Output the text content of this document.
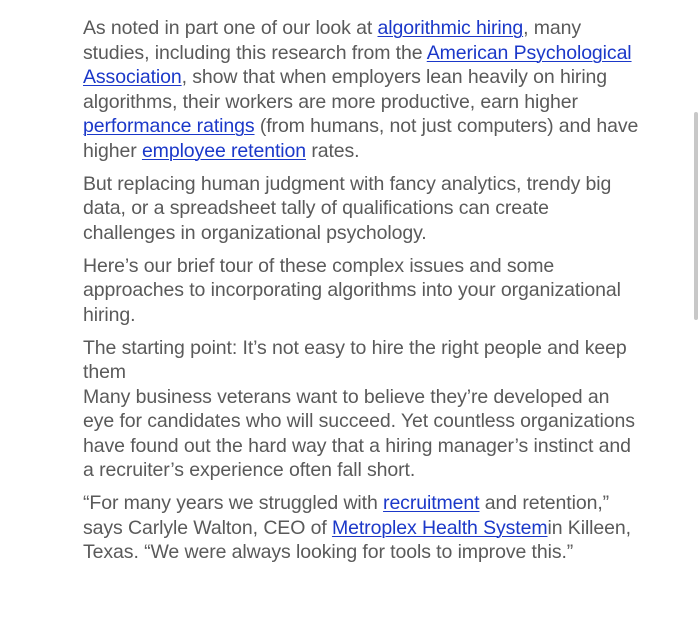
As noted in part one of our look at algorithmic hiring, many studies, including this research from the American Psychological Association, show that when employers lean heavily on hiring algorithms, their workers are more productive, earn higher performance ratings (from humans, not just computers) and have higher employee retention rates.

But replacing human judgment with fancy analytics, trendy big data, or a spreadsheet tally of qualifications can create challenges in organizational psychology.

Here’s our brief tour of these complex issues and some approaches to incorporating algorithms into your organizational hiring.

The starting point: It’s not easy to hire the right people and keep them
Many business veterans want to believe they’re developed an eye for candidates who will succeed. Yet countless organizations have found out the hard way that a hiring manager’s instinct and a recruiter’s experience often fall short.

“For many years we struggled with recruitment and retention,” says Carlyle Walton, CEO of Metroplex Health Systemin Killeen, Texas. “We were always looking for tools to improve this.”
